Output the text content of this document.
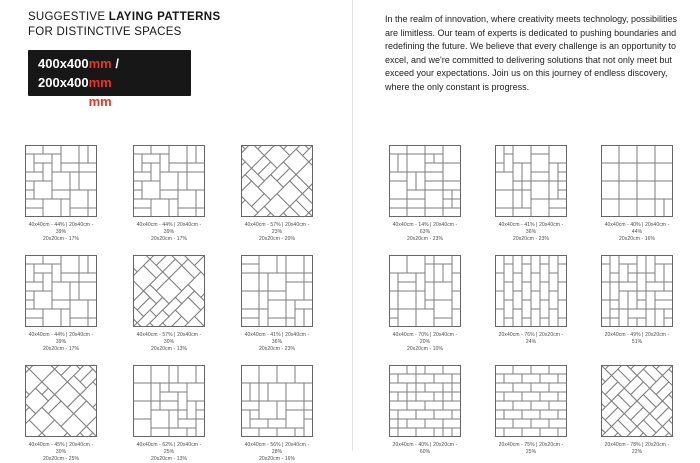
SUGGESTIVE LAYING PATTERNS
FOR DISTINCTIVE SPACES
400x400mm / 200x400mm
200x200mm

In the realm of innovation, where creativity meets technology, possibilities are limitless. Our team of experts is dedicated to pushing boundaries and redefining the future. We believe that every challenge is an opportunity to excel, and we're committed to delivering solutions that not only meet but exceed your expectations. Join us on this journey of endless discovery, where the only constant is progress.

40x40cm - 44% | 20x40cm - 39%
20x20cm - 17%
40x40cm - 44% | 20x40cm - 39%
20x20cm - 17%
40x40cm - 57% | 20x40cm - 23%
20x20cm - 20%
40x40cm - 44% | 20x40cm - 39%
20x20cm - 17%
40x40cm - 57% | 20x40cm - 30%
20x20cm - 13%
40x40cm - 41% | 20x40cm - 36%
20x20cm - 23%
40x40cm - 45% | 20x40cm - 30%
20x20cm - 25%
40x40cm - 62% | 20x40cm - 25%
20x20cm - 13%
40x40cm - 56% | 20x40cm - 28%
20x20cm - 16%
40x40cm - 14% | 20x40cm - 63%
20x20cm - 23%
40x40cm - 41% | 20x40cm - 36%
20x20cm - 23%
40x40cm - 40% | 20x40cm - 44%
20x20cm - 16%
40x40cm - 70% | 20x40cm - 20%
20x20cm - 10%
20x40cm - 76% | 20x20cm - 24%
20x40cm - 49% | 20x20cm - 51%
20x40cm - 40% | 20x20cm - 60%
20x40cm - 75% | 20x20cm - 25%
20x40cm - 78% | 20x20cm - 22%
